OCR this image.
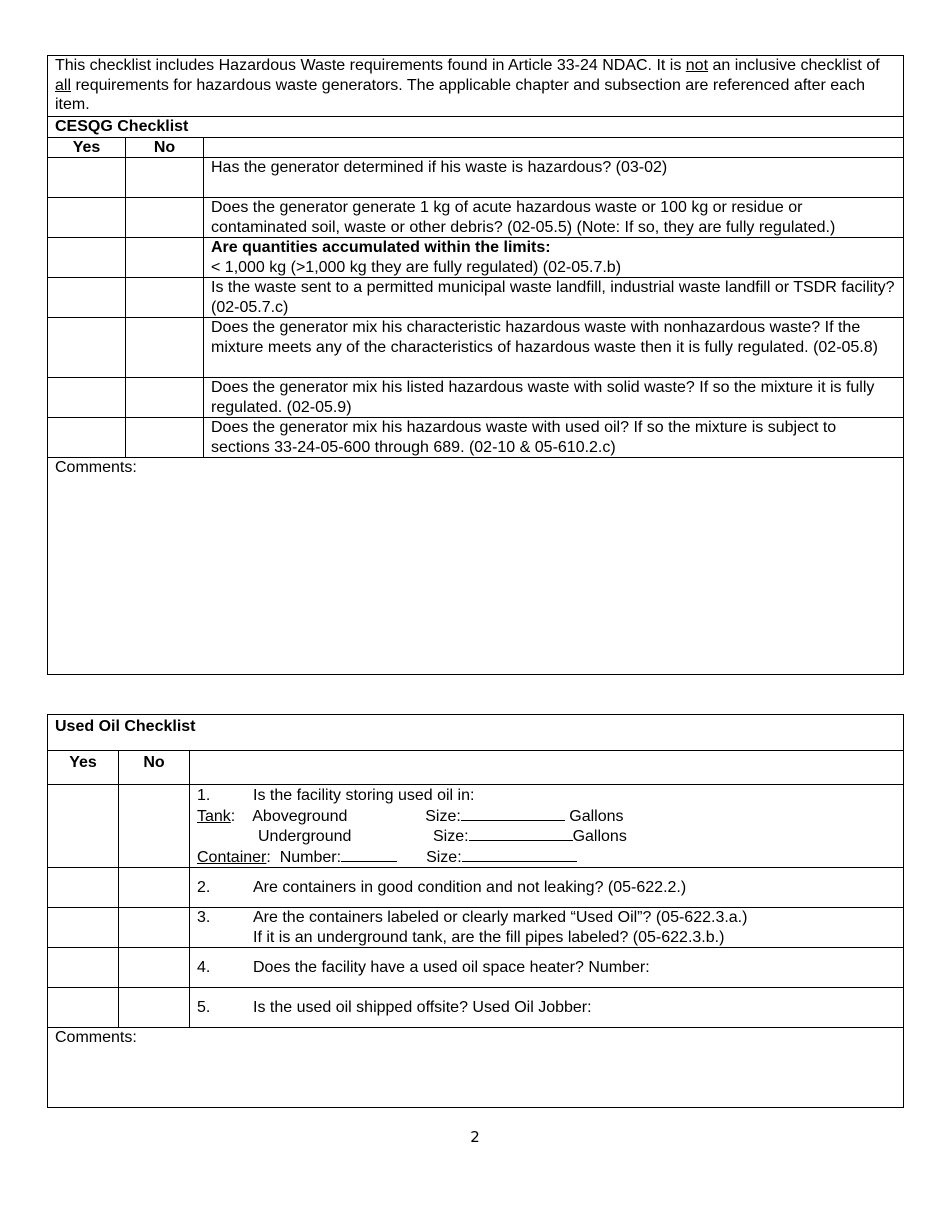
This checklist includes Hazardous Waste requirements found in Article 33-24 NDAC. It is not an inclusive checklist of all requirements for hazardous waste generators. The applicable chapter and subsection are referenced after each item.		
CESQG Checklist		
Yes	No	
		Has the generator determined if his waste is hazardous? (03-02)
		Does the generator generate 1 kg of acute hazardous waste or 100 kg or residue or contaminated soil, waste or other debris? (02-05.5) (Note: If so, they are fully regulated.)

		Are quantities accumulated within the limits:
< 1,000 kg (>1,000 kg they are fully regulated) (02-05.7.b)

		Is the waste sent to a permitted municipal waste landfill, industrial waste landfill or TSDR facility? (02-05.7.c)
		Does the generator mix his characteristic hazardous waste with nonhazardous waste? If the mixture meets any of the characteristics of hazardous waste then it is fully regulated. (02-05.8)
		Does the generator mix his listed hazardous waste with solid waste? If so the mixture it is fully regulated. (02-05.9)
		Does the generator mix his hazardous waste with used oil? If so the mixture is subject to sections 33-24-05-600 through 689. (02-10 & 05-610.2.c)
Comments:		
Used Oil Checklist		
Yes	No	

		1. Is the facility storing used oil in:
Tank: Aboveground Size: Gallons
Underground Size: Gallons
Container: Number: Size:

		2. Are containers in good condition and not leaking? (05-622.2.)

		3. Are the containers labeled or clearly marked “Used Oil”? (05-622.3.a.)
If it is an underground tank, are the fill pipes labeled? (05-622.3.b.)

		4. Does the facility have a used oil space heater? Number:
		5. Is the used oil shipped offsite? Used Oil Jobber:
Comments:		
2
